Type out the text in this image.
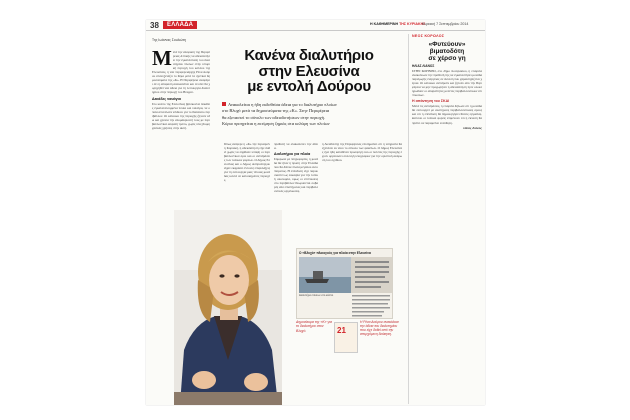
38	ΕΛΛΑΔΑ	Η ΚΑΘΗΜΕΡΙΝΗ ΤΗΣ ΚΥΡΙΑΚΗΣ
Κυριακή 7 Σεπτεμβρίου 2014
Της Ιωάννας Σουλιώτη
Κανένα διαλυτήριο
στην Ελευσίνα
με εντολή Δούρου
Ανακαλείται η ήδη εκδοθείσα άδεια για το διαλυτήριο πλοίων
στο Βλυχό μετά τα δημοσιεύματα της «Κ». Στην Περιφέρεια
θα εξεταστεί το σύνολο των αδειοδοτήσεων στην περιοχή.
Κύριο προηγείται η εκτίμηση ζημιάς στα κελύφη των πλοίων
Μ ετά την απόφαση της Περιφέρειας Αττικής να αδειοδοτήσει την εγκατάσταση του διαλυτηρίου πλοίων στην ιστορική περιοχή του κόλπου της Ελευσίνας, η νέα περιφερειάρχης Ρένα Δούρου επανεξετάζει το θέμα μετά τα σχετικά δημοσιεύματα της «Κ». Η Περιφέρεια αναφέρει ότι η απόφαση ανακαλείται και ότι δεν θα χορηγηθεί νέα άδεια για τη λειτουργία διαλυτηρίου στην περιοχή του Βλυχού.

Δεκάδες ναυάγια

Στο κόλπο της Ελευσίνας βρίσκονται δεκάδες εγκαταλελειμμένα πλοία και ναυάγια, τα οποία αποτελούν κίνδυνο για το θαλάσσιο περιβάλλον. Οι κάτοικοι της περιοχής ζητούν εδώ και χρόνια την απομάκρυνσή τους με περιβαλλοντικά ασφαλή τρόπο, χωρίς νέες βιομηχανικές χρήσεις στην ακτή.

Όπως ανέφερε η «Κ» την περασμένη Κυριακή, η αδειοδότηση είχε δοθεί χωρίς να ληφθούν υπόψη οι περιβαλλοντικοί όροι και οι αντιδράσεις των τοπικών φορέων. Ο Δήμος Ελευσίνας και ο Δήμος Ασπροπύργου είχαν εκφράσει έντονες επιφυλάξεις για τη λειτουργία μιας τέτοιας μονάδας κοντά σε κατοικημένες περιοχές.

πρόθεσή να ανακαλέσει την άδεια.

Διαλυτήριο για πλοία

Σύμφωνα με πληροφορίες, η μονάδα θα ήταν η πρώτη στην Ελλάδα που θα διέλυε πλοία μεγάλου εκτοπίσματος. Η επένδυση είχε παρουσιαστεί ως ευκαιρία για την τοπική οικονομία, όμως οι επιπτώσεις στο περιβάλλον θεωρούνται σοβαρές από επιστήμονες και περιβαλλοντικές οργανώσεις.

η Διευθυντής της Περιφέρειας επισημαίνει ότι η υπηρεσία θα εξετάσει εκ νέου το σύνολο των φακέλων. Ο Δήμος Ελευσίνας έχει ήδη καταθέσει προσφυγή ενώ οι πολίτες της περιοχής έχουν οργανώσει συλλογή υπογραφών για την οριστική ακύρωση του σχεδίου.

Ο «Βλυχό» πλοιογούς για πλοία στην Ελευσίνα
Διαλυτήριο πλοίων στο κόλπο
Δημοσίευμα της «Κ» για το διαλυτήριο στον Βλυχό.	21
Η Ρένα Δούρου ανακάλεσε την άδεια του διαλυτηρίου που είχε δοθεί από την απερχόμενη διοίκηση.
ΝΕΟΣ ΚΟΡΩΛΟΣ
«Φυτεύουν»
βιματοδότη
σε χέρσο γη
ΗΛΙΑΣ ΛΙΑΝΟΣ

ΣΤΗΝ ΚΟΡΙΝΘΟ, στο δήμο Λουτρακίου, η εταιρεία ανακοίνωσε την πρόθεσή της να εγκαταστήσει μονάδα παραγωγής ενέργειας σε έκταση που χαρακτηρίζεται χέρσα. Οι κάτοικοι αντιδρούν και ζητούν από την Περιφέρεια να μην προχωρήσει η αδειοδότηση πριν ολοκληρωθούν οι απαραίτητες μελέτες περιβαλλοντικών επιπτώσεων.

Η απάντηση του ΣΚΑΙ

Μετά τις αντιδράσεις, η εταιρεία δήλωσε ότι η μονάδα θα λειτουργεί με αυστηρούς περιβαλλοντικούς όρους και ότι η επένδυση θα δημιουργήσει θέσεις εργασίας. Ωστόσο οι τοπικοί φορείς επιμένουν ότι η έκταση θα πρέπει να παραμείνει ελεύθερη.

Ηλίας Λιάνος
